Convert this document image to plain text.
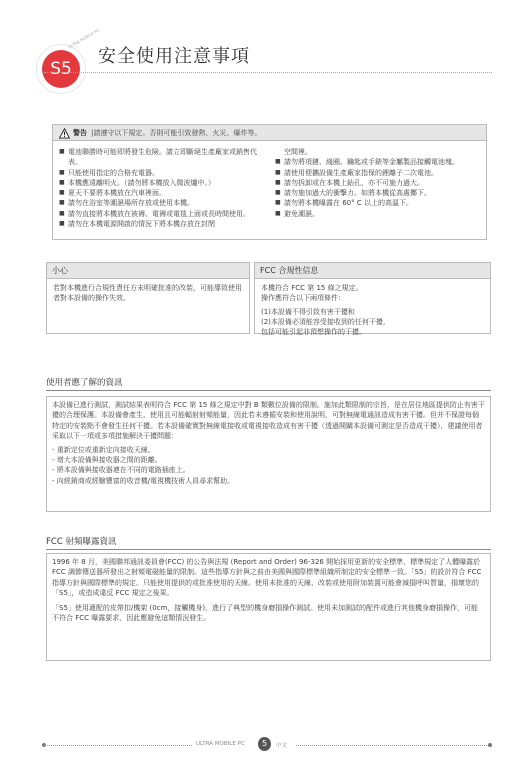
ULTRA MOBILE PC
S5
安全使用注意事項
警告 |請遵守以下規定。否則可能引致發熱、火災、爆炸等。
■ 電池聯勝時可能即將發生危險。請立即斷絕生產廠家或銷售代表。
■ 只能使用指定的合格充電器。
■ 本機應遠離明火。（請勿將本機放入微波爐中。）
■ 夏天不要將本機放在汽車裡面。
■ 請勿在浴室等潮濕場所存放或使用本機。
■ 請勿直接將本機放在被褥、電褥或電毯上面或長時間使用。
■ 請勿在本機電源開啟的情況下將本機存放在封閉
空間裡。
■ 請勿將項鏈、綫圈、鑰匙或手錶等金屬製品接觸電池塊。
■ 請使用便攜設備生產廠家指保的鋰離子二次電池。
■ 請勿拆卸或在本機上鉆孔，亦不可施力過大。
■ 請勿施加過大的衝擊力。如將本機從高處擲下。
■ 請勿將本機曝露在 60° C 以上的高溫下。
■ 避免潮濕。
小心
若對本機進行合規性責任方未明確批准的改裝，可能導致使用者對本設備的操作失效。
FCC 合規性信息
本機符合 FCC 第 15 條之規定。
操作應符合以下兩項條件：
(1)本設備不得引致有害干擾和
(2)本設備必須能容受接收到的任何干擾，
包括可能引起非預想操作的干擾。
使用者應了解的資訊

本設備已進行測試，測試結果表明符合 FCC 第 15 條之規定中對 B 類數位設備的限制。施加此類限制的宗旨，是在居住地區提供防止有害干擾的合理保護。本設備會產生、使用且可能輻射射頻能量，因此若未遵循安裝和使用說明，可對無線電通訊造成有害干擾。但并不保證每個特定的安裝點不會發生任何干擾。若本設備確實對無線電接收或電視接收造成有害干擾（透過開關本設備可測定是否造成干擾），建議使用者采取以下一項或多項措施解決干擾問題：

- 重新定位或重新定向接收天線。

- 增大本設備與接收器之間的距離。

- 將本設備與接收器連在不同的電路插座上。

- 向經銷商或經驗豐富的收音機/電視機技術人員尋求幫助。

FCC 射頻曝露資訊

1996 年 8 月，美國聯邦通訊委員會(FCC) 的公告與法規 (Report and Order) 96-326 開始採用更新的安全標準，標準規定了人體曝露於 FCC 調節傳送器所發出之射頻電磁能量的限制。這些指導方針與之前由美國與國際標準組織所制定的安全標準一致。「S5」的設計符合 FCC 指導方針與國際標準的規定。只能使用提供的或批准使用的天線。使用未批准的天線、改裝或使用附加裝置可能會減損呼叫質量，損壞您的「S5」，或造成違反 FCC 規定之後果。

「S5」使用適配的皮帶扣/機架 (0cm，接觸機身)，進行了典型的機身磨損操作測試。使用未加測試的配件或進行其他機身磨損操作，可能不符合 FCC 曝露要求，因此應避免這類情況發生。

ULTRA MOBILE PC	5	中文
